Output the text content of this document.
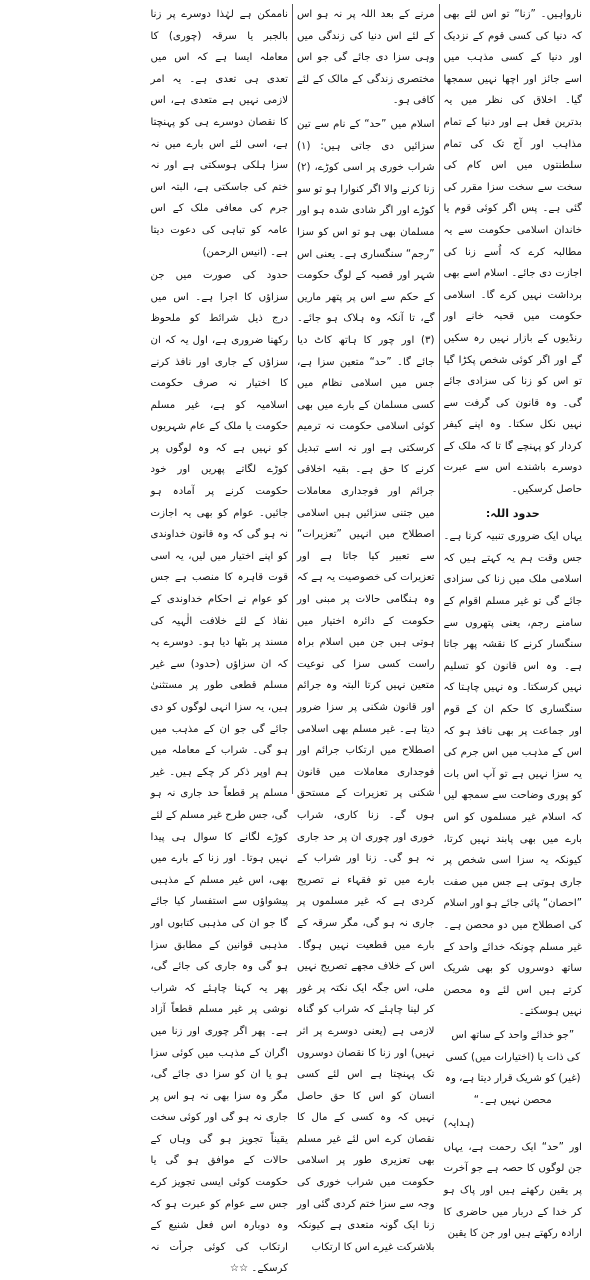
نارواہیں۔ ”زنا“ تو اس لئے بھی کہ دنیا کی کسی قوم کے نزدیک اور دنیا کے کسی مذہب میں اسے جائز اور اچھا نہیں سمجھا گیا۔ اخلاق کی نظر میں یہ بدترین فعل ہے اور دنیا کے تمام مذاہب اور آج تک کی تمام سلطنتوں میں اس کام کی سخت سے سخت سزا مقرر کی گئی ہے۔ پس اگر کوئی قوم یا خاندان اسلامی حکومت سے یہ مطالبہ کرے کہ اُسے زنا کی اجازت دی جائے۔ اسلام اسے بھی برداشت نہیں کرے گا۔ اسلامی حکومت میں قحبہ خانے اور رنڈیوں کے بازار نہیں رہ سکیں گے اور اگر کوئی شخص پکڑا گیا تو اس کو زنا کی سزادی جائے گی۔ وہ قانون کی گرفت سے نہیں نکل سکتا۔ وہ اپنے کیفر کردار کو پہنچے گا تا کہ ملک کے دوسرے باشندے اس سے عبرت حاصل کرسکیں۔

حدود اللہ:

یہاں ایک ضروری تنبیہ کرنا ہے۔ جس وقت ہم یہ کہتے ہیں کہ اسلامی ملک میں زنا کی سزادی جائے گی تو غیر مسلم اقوام کے سامنے رجم، یعنی پتھروں سے سنگسار کرنے کا نقشہ پھر جاتا ہے۔ وہ اس قانون کو تسلیم نہیں کرسکتا۔ وہ نہیں چاہتا کہ سنگساری کا حکم ان کے قوم اور جماعت پر بھی نافذ ہو کہ اس کے مذہب میں اس جرم کی یہ سزا نہیں ہے تو آپ اس بات کو پوری وضاحت سے سمجھ لیں کہ اسلام غیر مسلموں کو اس بارے میں بھی پابند نہیں کرتا، کیونکہ یہ سزا اسی شخص پر جاری ہوتی ہے جس میں صفت ”احصان“ پائی جائے ہو اور اسلام کی اصطلاح میں دو محصن ہے۔ غیر مسلم چونکہ خدائے واحد کے ساتھ دوسروں کو بھی شریک کرتے ہیں اس لئے وہ محصن نہیں ہوسکتے۔

”جو خدائے واحد کے ساتھ اس کی ذات یا (اختیارات میں) کسی (غیر) کو شریک قرار دیتا ہے، وہ محصن نہیں ہے۔“

(ہدایہ)

اور ”حد“ ایک رحمت ہے، یہاں جن لوگوں کا حصہ ہے جو آخرت پر یقین رکھتے ہیں اور پاک ہو کر خدا کے دربار میں حاضری کا ارادہ رکھتے ہیں اور جن کا یقین

مرنے کے بعد اللہ پر نہ ہو اس کے لئے اس دنیا کی زندگی میں وہی سزا دی جائے گی جو اس مختصری زندگی کے مالک کے لئے کافی ہو۔

اسلام میں ”حد“ کے نام سے تین سزائیں دی جاتی ہیں: (۱) شراب خوری پر اسی کوڑے، (۲) زنا کرنے والا اگر کنوارا ہو تو سو کوڑے اور اگر شادی شدہ ہو اور مسلمان بھی ہو تو اس کو سزا ”رجم“ سنگساری ہے۔ یعنی اس شہر اور قصبہ کے لوگ حکومت کے حکم سے اس پر پتھر ماریں گے، تا آنکہ وہ ہلاک ہو جائے۔ (۳) اور چور کا ہاتھ کاٹ دیا جائے گا۔ ”حد“ متعین سزا ہے، جس میں اسلامی نظام میں کسی مسلمان کے بارے میں بھی کوئی اسلامی حکومت نہ ترمیم کرسکتی ہے اور نہ اسے تبدیل کرنے کا حق ہے۔ بقیہ اخلاقی جرائم اور فوجداری معاملات میں جتنی سزائیں ہیں اسلامی اصطلاح میں انہیں ”تعزیرات“ سے تعبیر کیا جاتا ہے اور تعزیرات کی خصوصیت یہ ہے کہ وہ ہنگامی حالات پر مبنی اور حکومت کے دائرہ اختیار میں ہوتی ہیں جن میں اسلام براہ راست کسی سزا کی نوعیت متعین نہیں کرتا البتہ وہ جرائم اور قانون شکنی پر سزا ضرور دیتا ہے۔ غیر مسلم بھی اسلامی اصطلاح میں ارتکاب جرائم اور فوجداری معاملات میں قانون شکنی پر تعزیرات کے مستحق ہوں گے۔ زنا کاری، شراب خوری اور چوری ان پر حد جاری نہ ہو گی۔ زنا اور شراب کے بارے میں تو فقہاء نے تصریح کردی ہے کہ غیر مسلموں پر جاری نہ ہو گی، مگر سرقہ کے بارے میں قطعیت نہیں ہوگا۔ اس کے خلاف مجھے تصریح نہیں ملی، اس جگہ ایک نکتہ پر غور کر لینا چاہئے کہ شراب کو گناہ لازمی ہے (یعنی دوسرے پر اثر نہیں) اور زنا کا نقصان دوسروں تک پہنچتا ہے اس لئے کسی انسان کو اس کا حق حاصل نہیں کہ وہ کسی کے مال کا نقصان کرے اس لئے غیر مسلم بھی تعزیری طور پر اسلامی حکومت میں شراب خوری کی وجہ سے سزا ختم کردی گئی اور زنا ایک گونہ متعدی ہے کیونکہ بلاشرکت غیرے اس کا ارتکاب

ناممکن ہے لہٰذا دوسرے پر زنا بالجبر یا سرقہ (چوری) کا معاملہ ایسا ہے کہ اس میں تعدی ہی تعدی ہے۔ یہ امر لازمی نہیں ہے متعدی ہے، اس کا نقصان دوسرے ہی کو پہنچتا ہے، اسی لئے اس بارے میں نہ سزا ہلکی ہوسکتی ہے اور نہ ختم کی جاسکتی ہے، البتہ اس جرم کی معافی ملک کے اس عامہ کو تباہی کی دعوت دیتا ہے۔ (انیس الرحمن)

حدود کی صورت میں جن سزاؤں کا اجرا ہے۔ اس میں درج ذیل شرائط کو ملحوظ رکھنا ضروری ہے، اول یہ کہ ان سزاؤں کے جاری اور نافذ کرنے کا اختیار نہ صرف حکومت اسلامیہ کو ہے، غیر مسلم حکومت یا ملک کے عام شہریوں کو نہیں ہے کہ وہ لوگوں پر کوڑے لگاتے پھریں اور خود حکومت کرنے پر آمادہ ہو جائیں۔ عوام کو بھی یہ اجازت نہ ہو گی کہ وہ قانون خداوندی کو اپنے اختیار میں لیں، یہ اسی قوت قاہرہ کا منصب ہے جس کو عوام نے احکام خداوندی کے نفاذ کے لئے خلافت الٰہیہ کی مسند پر بٹھا دیا ہو۔ دوسرے یہ کہ ان سزاؤں (حدود) سے غیر مسلم قطعی طور پر مستثنیٰ ہیں، یہ سزا انہی لوگوں کو دی جائے گی جو ان کے مذہب میں ہو گی۔ شراب کے معاملہ میں ہم اوپر ذکر کر چکے ہیں۔ غیر مسلم پر قطعاً حد جاری نہ ہو گی، جس طرح غیر مسلم کے لئے کوڑے لگانے کا سوال ہی پیدا نہیں ہوتا۔ اور زنا کے بارے میں بھی، اس غیر مسلم کے مذہبی پیشواؤں سے استفسار کیا جائے گا جو ان کی مذہبی کتابوں اور مذہبی قوانین کے مطابق سزا ہو گی وہ جاری کی جائے گی، پھر یہ کہنا چاہئے کہ شراب نوشی پر غیر مسلم قطعاً آزاد ہے۔ پھر اگر چوری اور زنا میں اگران کے مذہب میں کوئی سزا ہو یا ان کو سزا دی جائے گی، مگر وہ سزا بھی نہ ہو اس پر جاری نہ ہو گی اور کوئی سخت یقیناً تجویز ہو گی وہاں کے حالات کے موافق ہو گی یا حکومت کوئی ایسی تجویز کرے جس سے عوام کو عبرت ہو کہ وہ دوبارہ اس فعل شنیع کے ارتکاب کی کوئی جرأت نہ کرسکے۔ ☆☆
